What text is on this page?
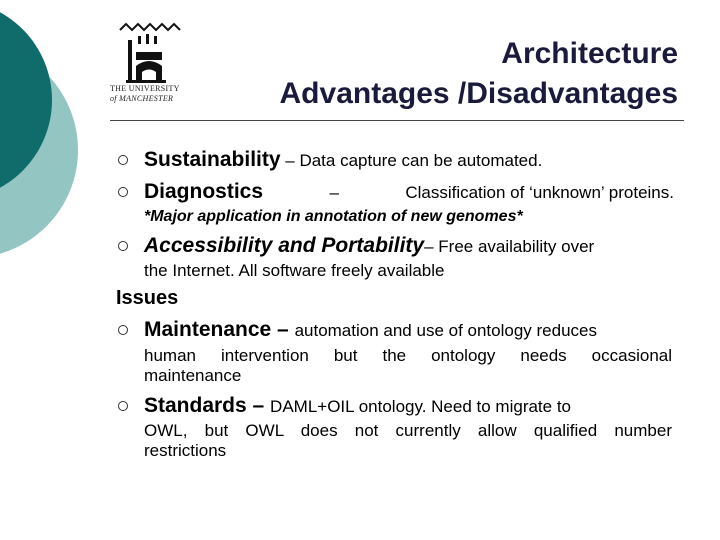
THE UNIVERSITY
of MANCHESTER
Architecture
Advantages /Disadvantages
Sustainability – Data capture can be automated.
Diagnostics	–	Classification of ‘unknown’ proteins.
*Major application in annotation of new genomes*
Accessibility and Portability– Free availability over
the Internet. All software freely available
Issues
Maintenance – automation and use of ontology reduces
human intervention but the ontology needs occasional
maintenance
Standards – DAML+OIL ontology. Need to migrate to
OWL, but OWL does not currently allow qualified number
restrictions
